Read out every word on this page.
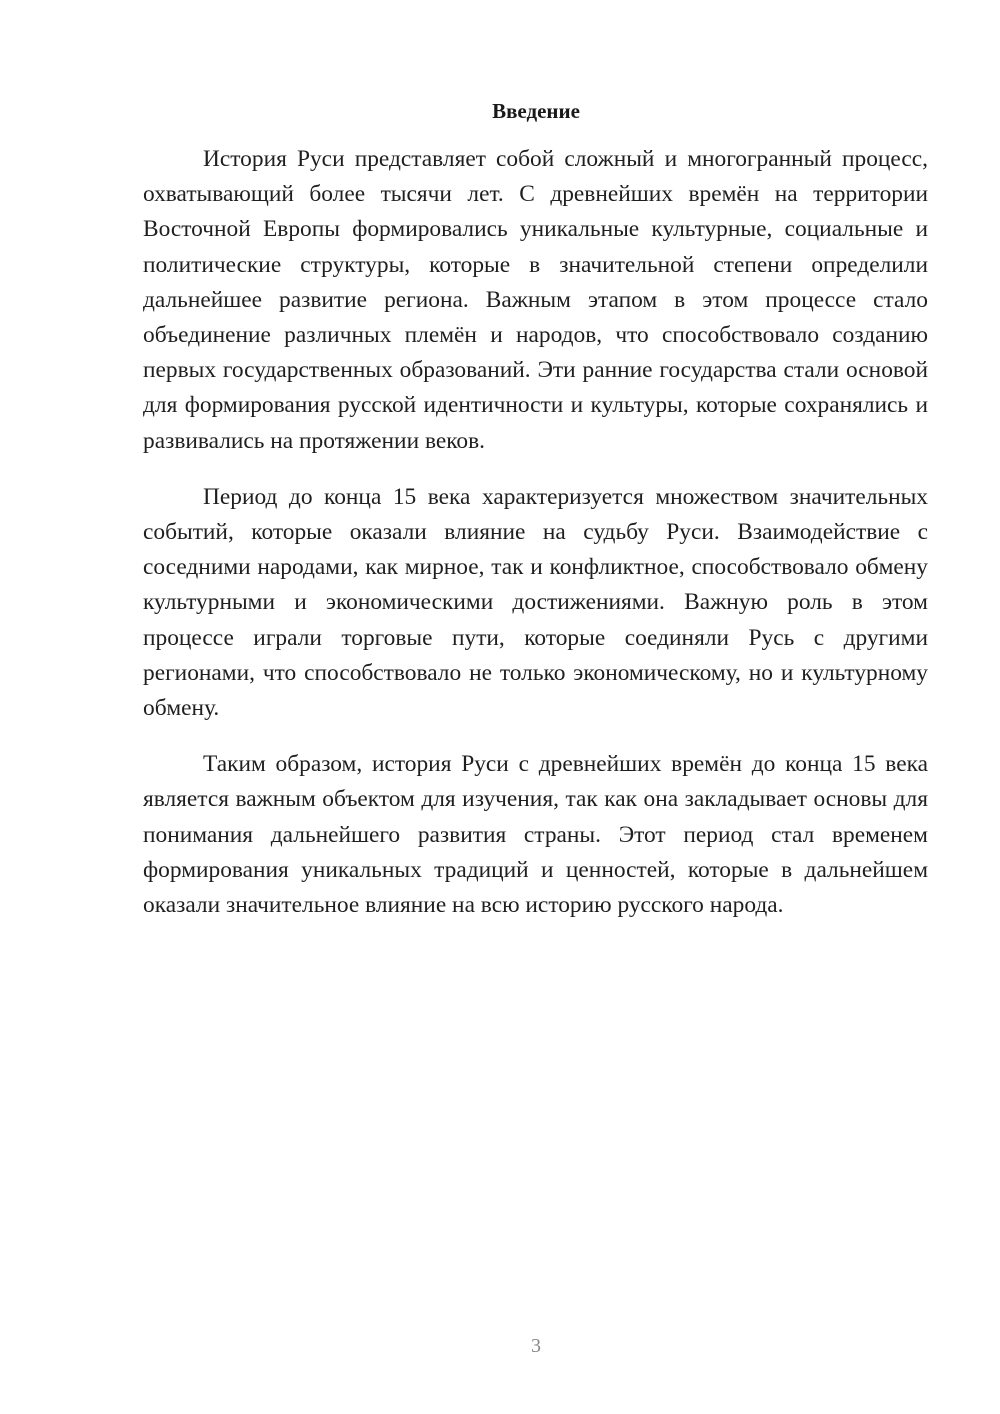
Введение

История Руси представляет собой сложный и многогранный процесс, охватывающий более тысячи лет. С древнейших времён на территории Восточной Европы формировались уникальные культурные, социальные и политические структуры, которые в значительной степени определили дальнейшее развитие региона. Важным этапом в этом процессе стало объединение различных племён и народов, что способствовало созданию первых государственных образований. Эти ранние государства стали основой для формирования русской идентичности и культуры, которые сохранялись и развивались на протяжении веков.

Период до конца 15 века характеризуется множеством значительных событий, которые оказали влияние на судьбу Руси. Взаимодействие с соседними народами, как мирное, так и конфликтное, способствовало обмену культурными и экономическими достижениями. Важную роль в этом процессе играли торговые пути, которые соединяли Русь с другими регионами, что способствовало не только экономическому, но и культурному обмену.

Таким образом, история Руси с древнейших времён до конца 15 века является важным объектом для изучения, так как она закладывает основы для понимания дальнейшего развития страны. Этот период стал временем формирования уникальных традиций и ценностей, которые в дальнейшем оказали значительное влияние на всю историю русского народа.

3
